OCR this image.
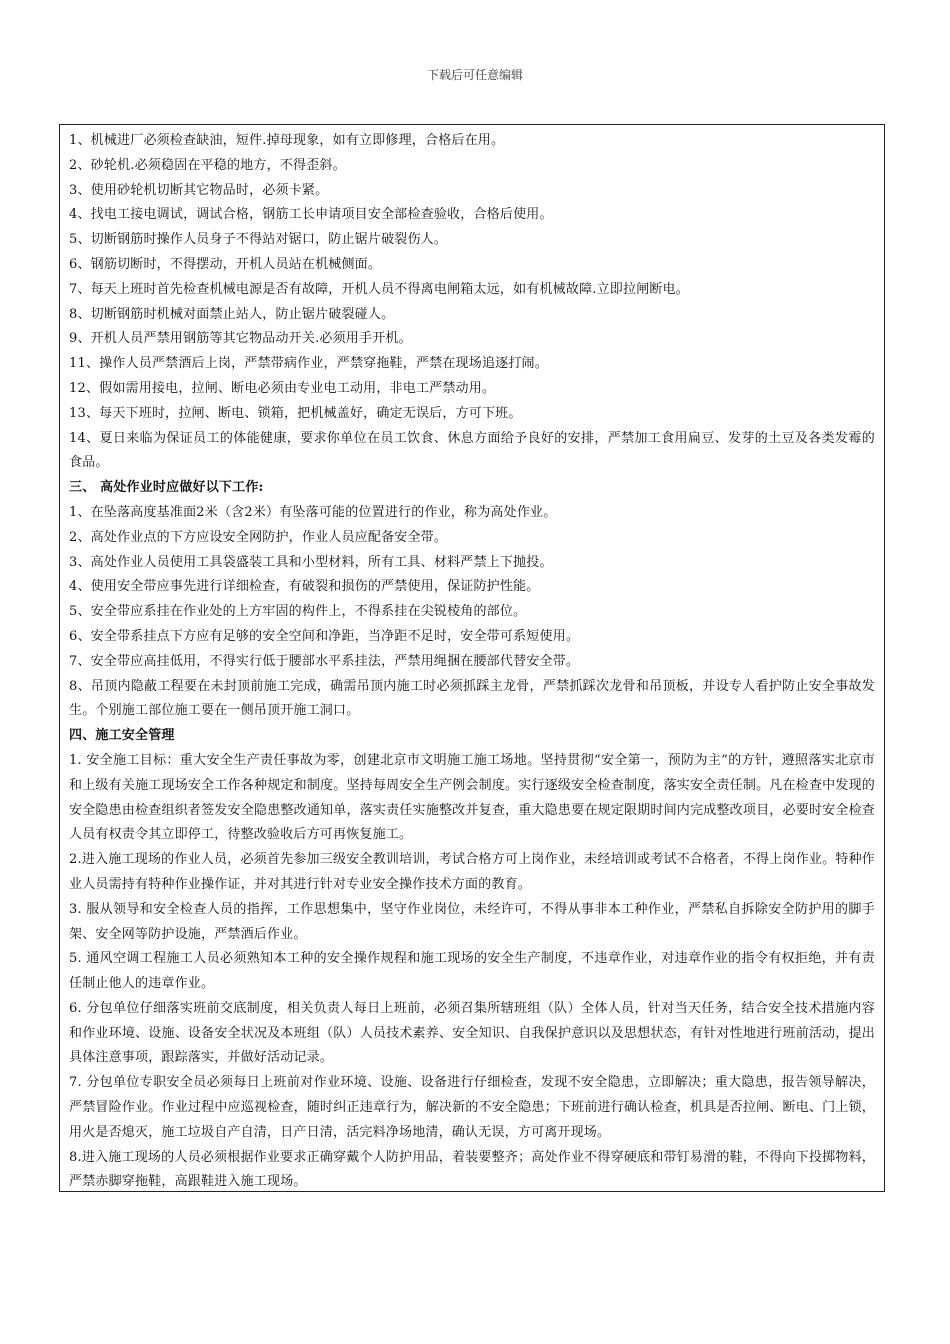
下载后可任意编辑

1、机械进厂必须检查缺油，短件.掉母现象，如有立即修理，合格后在用。

2、砂轮机.必须稳固在平稳的地方，不得歪斜。

3、使用砂轮机切断其它物品时，必须卡紧。

4、找电工接电调试，调试合格，钢筋工长申请项目安全部检查验收，合格后使用。

5、切断钢筋时操作人员身子不得站对锯口，防止锯片破裂伤人。

6、钢筋切断时，不得摆动，开机人员站在机械侧面。

7、每天上班时首先检查机械电源是否有故障，开机人员不得离电闸箱太远，如有机械故障.立即拉闸断电。

8、切断钢筋时机械对面禁止站人，防止锯片破裂碰人。

9、开机人员严禁用钢筋等其它物品动开关.必须用手开机。

11、操作人员严禁酒后上岗，严禁带病作业，严禁穿拖鞋，严禁在现场追逐打闹。

12、假如需用接电，拉闸、断电必须由专业电工动用，非电工严禁动用。

13、每天下班时，拉闸、断电、锁箱，把机械盖好，确定无误后，方可下班。

14、夏日来临为保证员工的体能健康，要求你单位在员工饮食、休息方面给予良好的安排，严禁加工食用扁豆、发芽的土豆及各类发霉的食品。

三、 高处作业时应做好以下工作:

1、在坠落高度基准面2米（含2米）有坠落可能的位置进行的作业，称为高处作业。

2、高处作业点的下方应设安全网防护，作业人员应配备安全带。

3、高处作业人员使用工具袋盛装工具和小型材料，所有工具、材料严禁上下抛投。

4、使用安全带应事先进行详细检查，有破裂和损伤的严禁使用，保证防护性能。

5、安全带应系挂在作业处的上方牢固的构件上，不得系挂在尖锐棱角的部位。

6、安全带系挂点下方应有足够的安全空间和净距，当净距不足时，安全带可系短使用。

7、安全带应高挂低用，不得实行低于腰部水平系挂法，严禁用绳捆在腰部代替安全带。

8、吊顶内隐蔽工程要在未封顶前施工完成，确需吊顶内施工时必须抓踩主龙骨，严禁抓踩次龙骨和吊顶板，并设专人看护防止安全事故发生。个别施工部位施工要在一侧吊顶开施工洞口。

四、施工安全管理

1. 安全施工目标：重大安全生产责任事故为零，创建北京市文明施工施工场地。坚持贯彻“安全第一，预防为主”的方针，遵照落实北京市和上级有关施工现场安全工作各种规定和制度。坚持每周安全生产例会制度。实行逐级安全检查制度，落实安全责任制。凡在检查中发现的安全隐患由检查组织者签发安全隐患整改通知单，落实责任实施整改并复查，重大隐患要在规定限期时间内完成整改项目，必要时安全检查人员有权责令其立即停工，待整改验收后方可再恢复施工。

2.进入施工现场的作业人员，必须首先参加三级安全教训培训，考试合格方可上岗作业，未经培训或考试不合格者，不得上岗作业。特种作业人员需持有特种作业操作证，并对其进行针对专业安全操作技术方面的教育。

3. 服从领导和安全检查人员的指挥，工作思想集中，坚守作业岗位，未经许可，不得从事非本工种作业，严禁私自拆除安全防护用的脚手架、安全网等防护设施，严禁酒后作业。

5. 通风空调工程施工人员必须熟知本工种的安全操作规程和施工现场的安全生产制度，不违章作业，对违章作业的指令有权拒绝，并有责任制止他人的违章作业。

6. 分包单位仔细落实班前交底制度，相关负责人每日上班前，必须召集所辖班组（队）全体人员，针对当天任务，结合安全技术措施内容和作业环境、设施、设备安全状况及本班组（队）人员技术素养、安全知识、自我保护意识以及思想状态，有针对性地进行班前活动，提出具体注意事项，跟踪落实，并做好活动记录。

7. 分包单位专职安全员必须每日上班前对作业环境、设施、设备进行仔细检查，发现不安全隐患，立即解决；重大隐患，报告领导解决，严禁冒险作业。作业过程中应巡视检查，随时纠正违章行为，解决新的不安全隐患；下班前进行确认检查，机具是否拉闸、断电、门上锁，用火是否熄灭，施工垃圾自产自清，日产日清，活完料净场地清，确认无误，方可离开现场。

8.进入施工现场的人员必须根据作业要求正确穿戴个人防护用品，着装要整齐；高处作业不得穿硬底和带钉易滑的鞋，不得向下投掷物料，严禁赤脚穿拖鞋，高跟鞋进入施工现场。
